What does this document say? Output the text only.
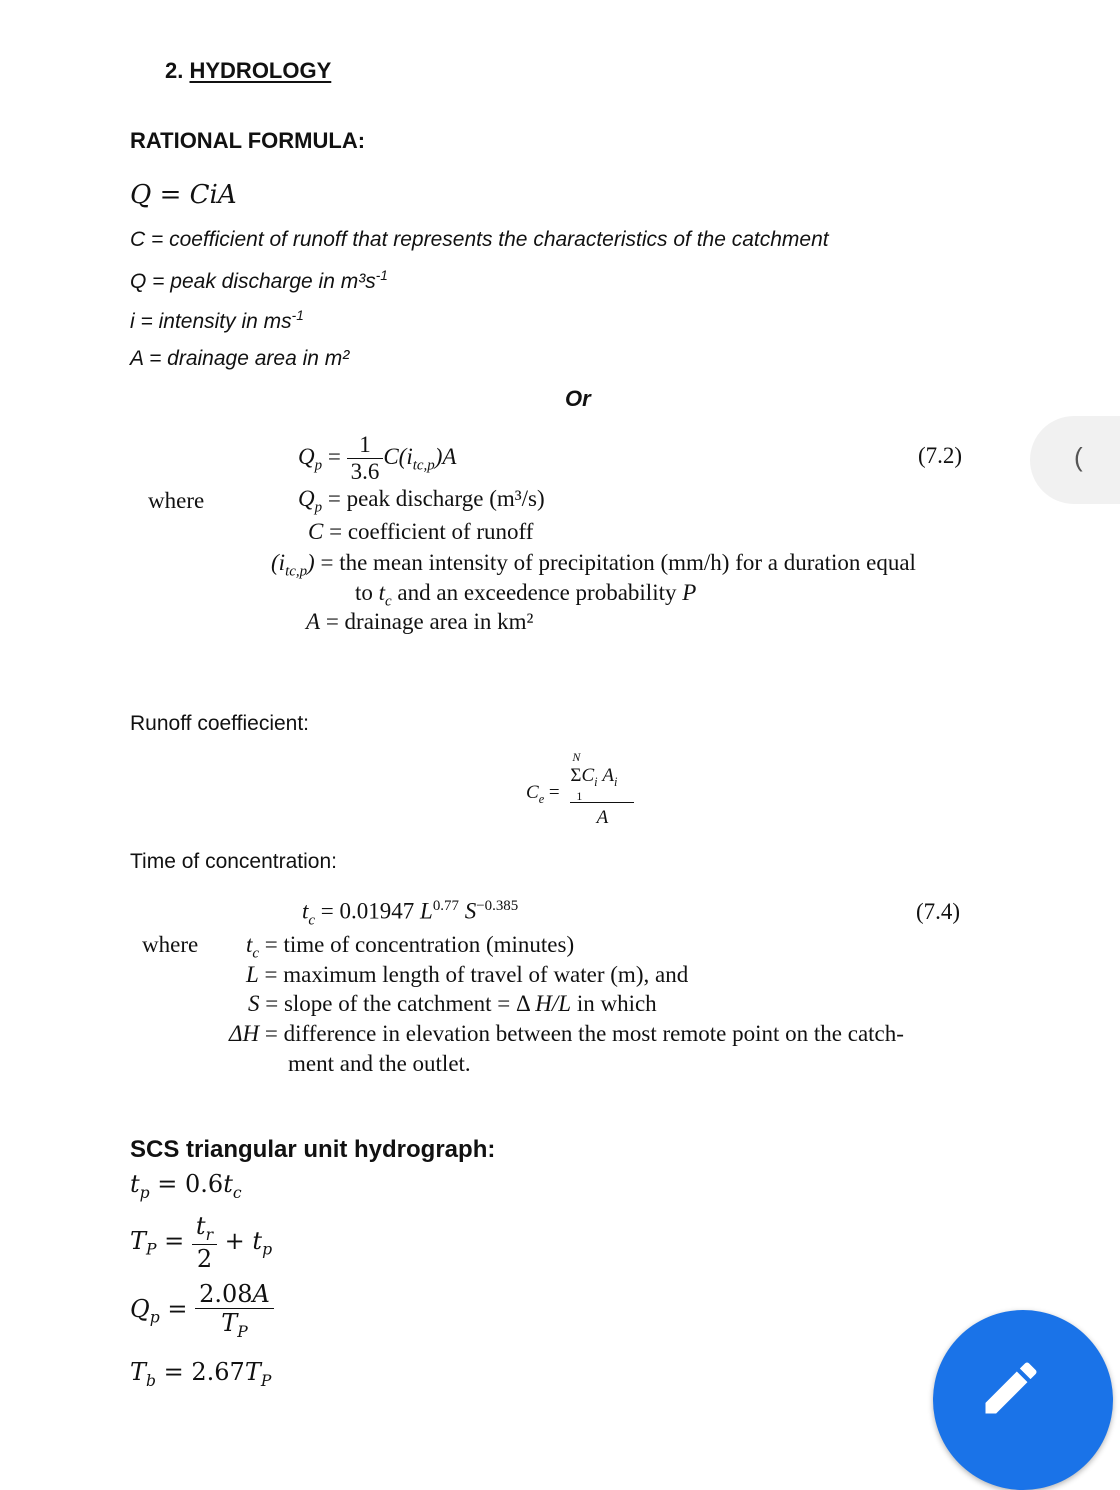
2. HYDROLOGY
RATIONAL FORMULA:
Q = CiA
C = coefficient of runoff that represents the characteristics of the catchment
Q = peak discharge in $m^3s^{-1}$
i = intensity in $ms^{-1}$
A = drainage area in m²
Or
$Q_p = \frac{1}{3.6} C(i_{tc,p})A$	(7.2)
where	$Q_p$ = peak discharge (m³/s)
C = coefficient of runoff
$(i_{tc,p})$ = the mean intensity of precipitation (mm/h) for a duration equal
to $t_c$ and an exceedence probability P
A = drainage area in km²
Runoff coeffiecient:
$C_e$ =
N
$\Sigma C_i$ $A_i$
1
A
Time of concentration:
$t_c = 0.01947$ $L^{0.77}$ $S^{-0.385}$	(7.4)
where $t_c$ = time of concentration (minutes)
L = maximum length of travel of water (m), and
S = slope of the catchment = Δ H/L in which
ΔH = difference in elevation between the most remote point on the catch-
ment and the outlet.
SCS triangular unit hydrograph:
$t_p = 0.6t_c$
$T_P = \frac{t_r}{2} + t_p$
$Q_p = \frac{2.08A}{T_P}$
$T_b = 2.67T_P$
(
